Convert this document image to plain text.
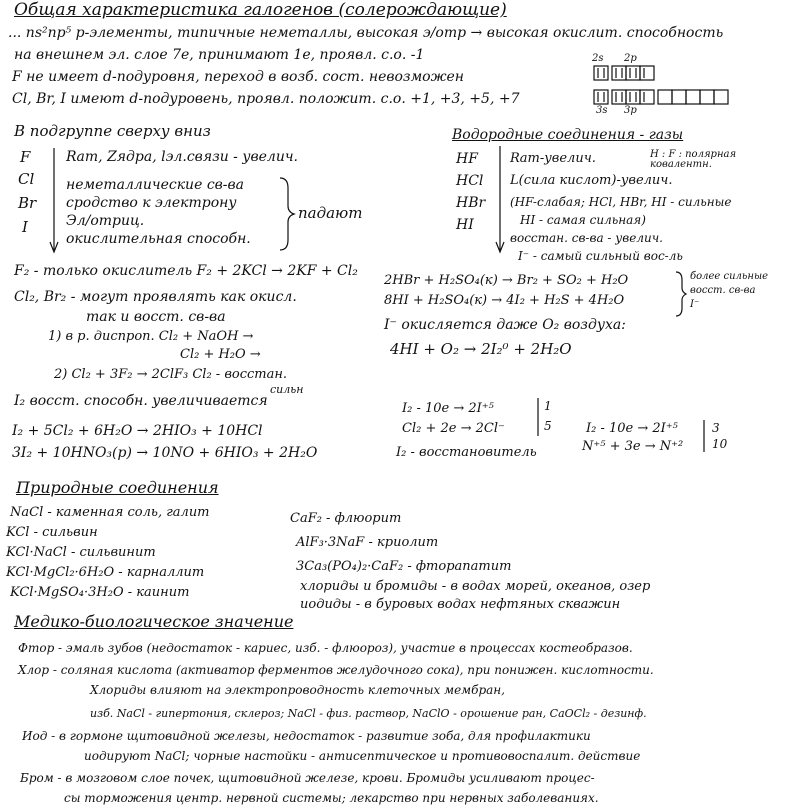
Общая характеристика галогенов (солерождающие)
... ns²np⁵ p-элементы, типичные неметаллы, высокая э/отр → высокая окислит. способность
на внешнем эл. слое 7е, принимают 1е, проявл. с.о. -1
F не имеет d-подуровня, переход в возб. сост. невозможен
Cl, Br, I имеют d-подуровень, проявл. положит. с.о. +1, +3, +5, +7
2s 2p
3s 3p
В подгруппе сверху вниз
F
Cl
Br
I
Rат, Zядра, lэл.связи - увелич.
неметаллические св-ва
сродство к электрону
Эл/отриц.
окислительная способн.
падают
Водородные соединения - газы
HF
HCl
HBr
HI
Rат-увелич.
L(сила кислот)-увелич.
(HF-слабая; HCl, HBr, HI - сильные
HI - самая сильная)
восстан. св-ва - увелич.
I⁻ - самый сильный вос-ль
H : F : полярная ковалентн.
F₂ - только окислитель F₂ + 2KCl → 2KF + Cl₂
Cl₂, Br₂ - могут проявлять как окисл.
так и восст. св-ва
1) в р. диспроп. Cl₂ + NaOH →
Cl₂ + H₂O →
2) Cl₂ + 3F₂ → 2ClF₃ Cl₂ - восстан.
сильн
I₂ восст. способн. увеличивается
I₂ + 5Cl₂ + 6H₂O → 2HIO₃ + 10HCl
3I₂ + 10HNO₃(р) → 10NO + 6HIO₃ + 2H₂O
2HBr + H₂SO₄(к) → Br₂ + SO₂ + H₂O
8HI + H₂SO₄(к) → 4I₂ + H₂S + 4H₂O
I⁻ окисляется даже O₂ воздуха:
4HI + O₂ → 2I₂⁰ + 2H₂O
более сильные
восст. св-ва
I⁻
I₂ - 10e → 2I⁺⁵
Cl₂ + 2e → 2Cl⁻
I₂ - восстановитель
1
5	I₂ - 10e → 2I⁺⁵
N⁺⁵ + 3e → N⁺²
3
10
Природные соединения
NaCl - каменная соль, галит
KCl - сильвин
KCl·NaCl - сильвинит
KCl·MgCl₂·6H₂O - карналлит
KCl·MgSO₄·3H₂O - каинит
CaF₂ - флюорит
AlF₃·3NaF - криолит
3Ca₃(PO₄)₂·CaF₂ - фторапатит
хлориды и бромиды - в водах морей, океанов, озер
иодиды - в буровых водах нефтяных скважин
Медико-биологическое значение
Фтор - эмаль зубов (недостаток - кариес, изб. - флюороз), участие в процессах костеобразов.
Хлор - соляная кислота (активатор ферментов желудочного сока), при понижен. кислотности.
Хлориды влияют на электропроводность клеточных мембран,
изб. NaCl - гипертония, склероз; NaCl - физ. раствор, NaClO - орошение ран, CaOCl₂ - дезинф.
Иод - в гормоне щитовидной железы, недостаток - развитие зоба, для профилактики
иодируют NaCl; чорные настойки - антисептическое и противовоспалит. действие
Бром - в мозговом слое почек, щитовидной железе, крови. Бромиды усиливают процес-
сы торможения центр. нервной системы; лекарство при нервных заболеваниях.
